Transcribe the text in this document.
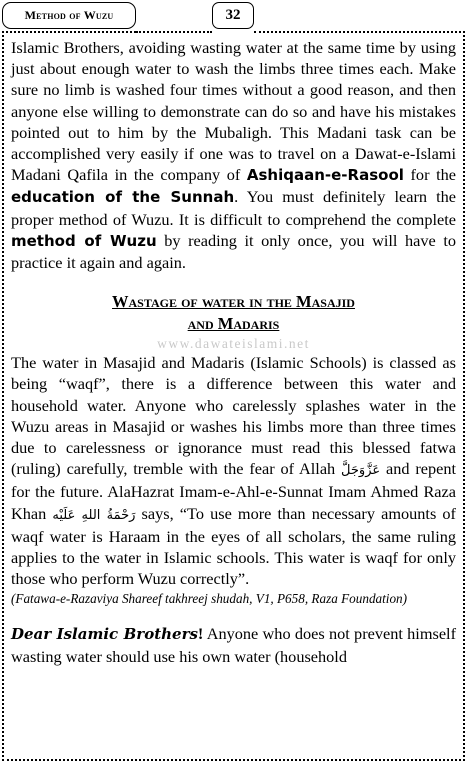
Method of Wuzu	32

Islamic Brothers, avoiding wasting water at the same time by using just about enough water to wash the limbs three times each. Make sure no limb is washed four times without a good reason, and then anyone else willing to demonstrate can do so and have his mistakes pointed out to him by the Mubaligh. This Madani task can be accomplished very easily if one was to travel on a Dawat-e-Islami Madani Qafila in the company of Ashiqaan-e-Rasool for the education of the Sunnah. You must definitely learn the proper method of Wuzu. It is difficult to comprehend the complete method of Wuzu by reading it only once, you will have to practice it again and again.

Wastage of water in the Masajid
and Madaris
www.dawateislami.net

The water in Masajid and Madaris (Islamic Schools) is classed as being “waqf”, there is a difference between this water and household water. Anyone who carelessly splashes water in the Wuzu areas in Masajid or washes his limbs more than three times due to carelessness or ignorance must read this blessed fatwa (ruling) carefully, tremble with the fear of Allah عَزَّوَجَلَّ and repent for the future. AlaHazrat Imam-e-Ahl-e-Sunnat Imam Ahmed Raza Khan رَحْمَةُ اللهِ عَلَيْه says, “To use more than necessary amounts of waqf water is Haraam in the eyes of all scholars, the same ruling applies to the water in Islamic schools. This water is waqf for only those who perform Wuzu correctly”.

(Fatawa-e-Razaviya Shareef takhreej shudah, V1, P658, Raza Foundation)

Dear Islamic Brothers! Anyone who does not prevent himself wasting water should use his own water (household
